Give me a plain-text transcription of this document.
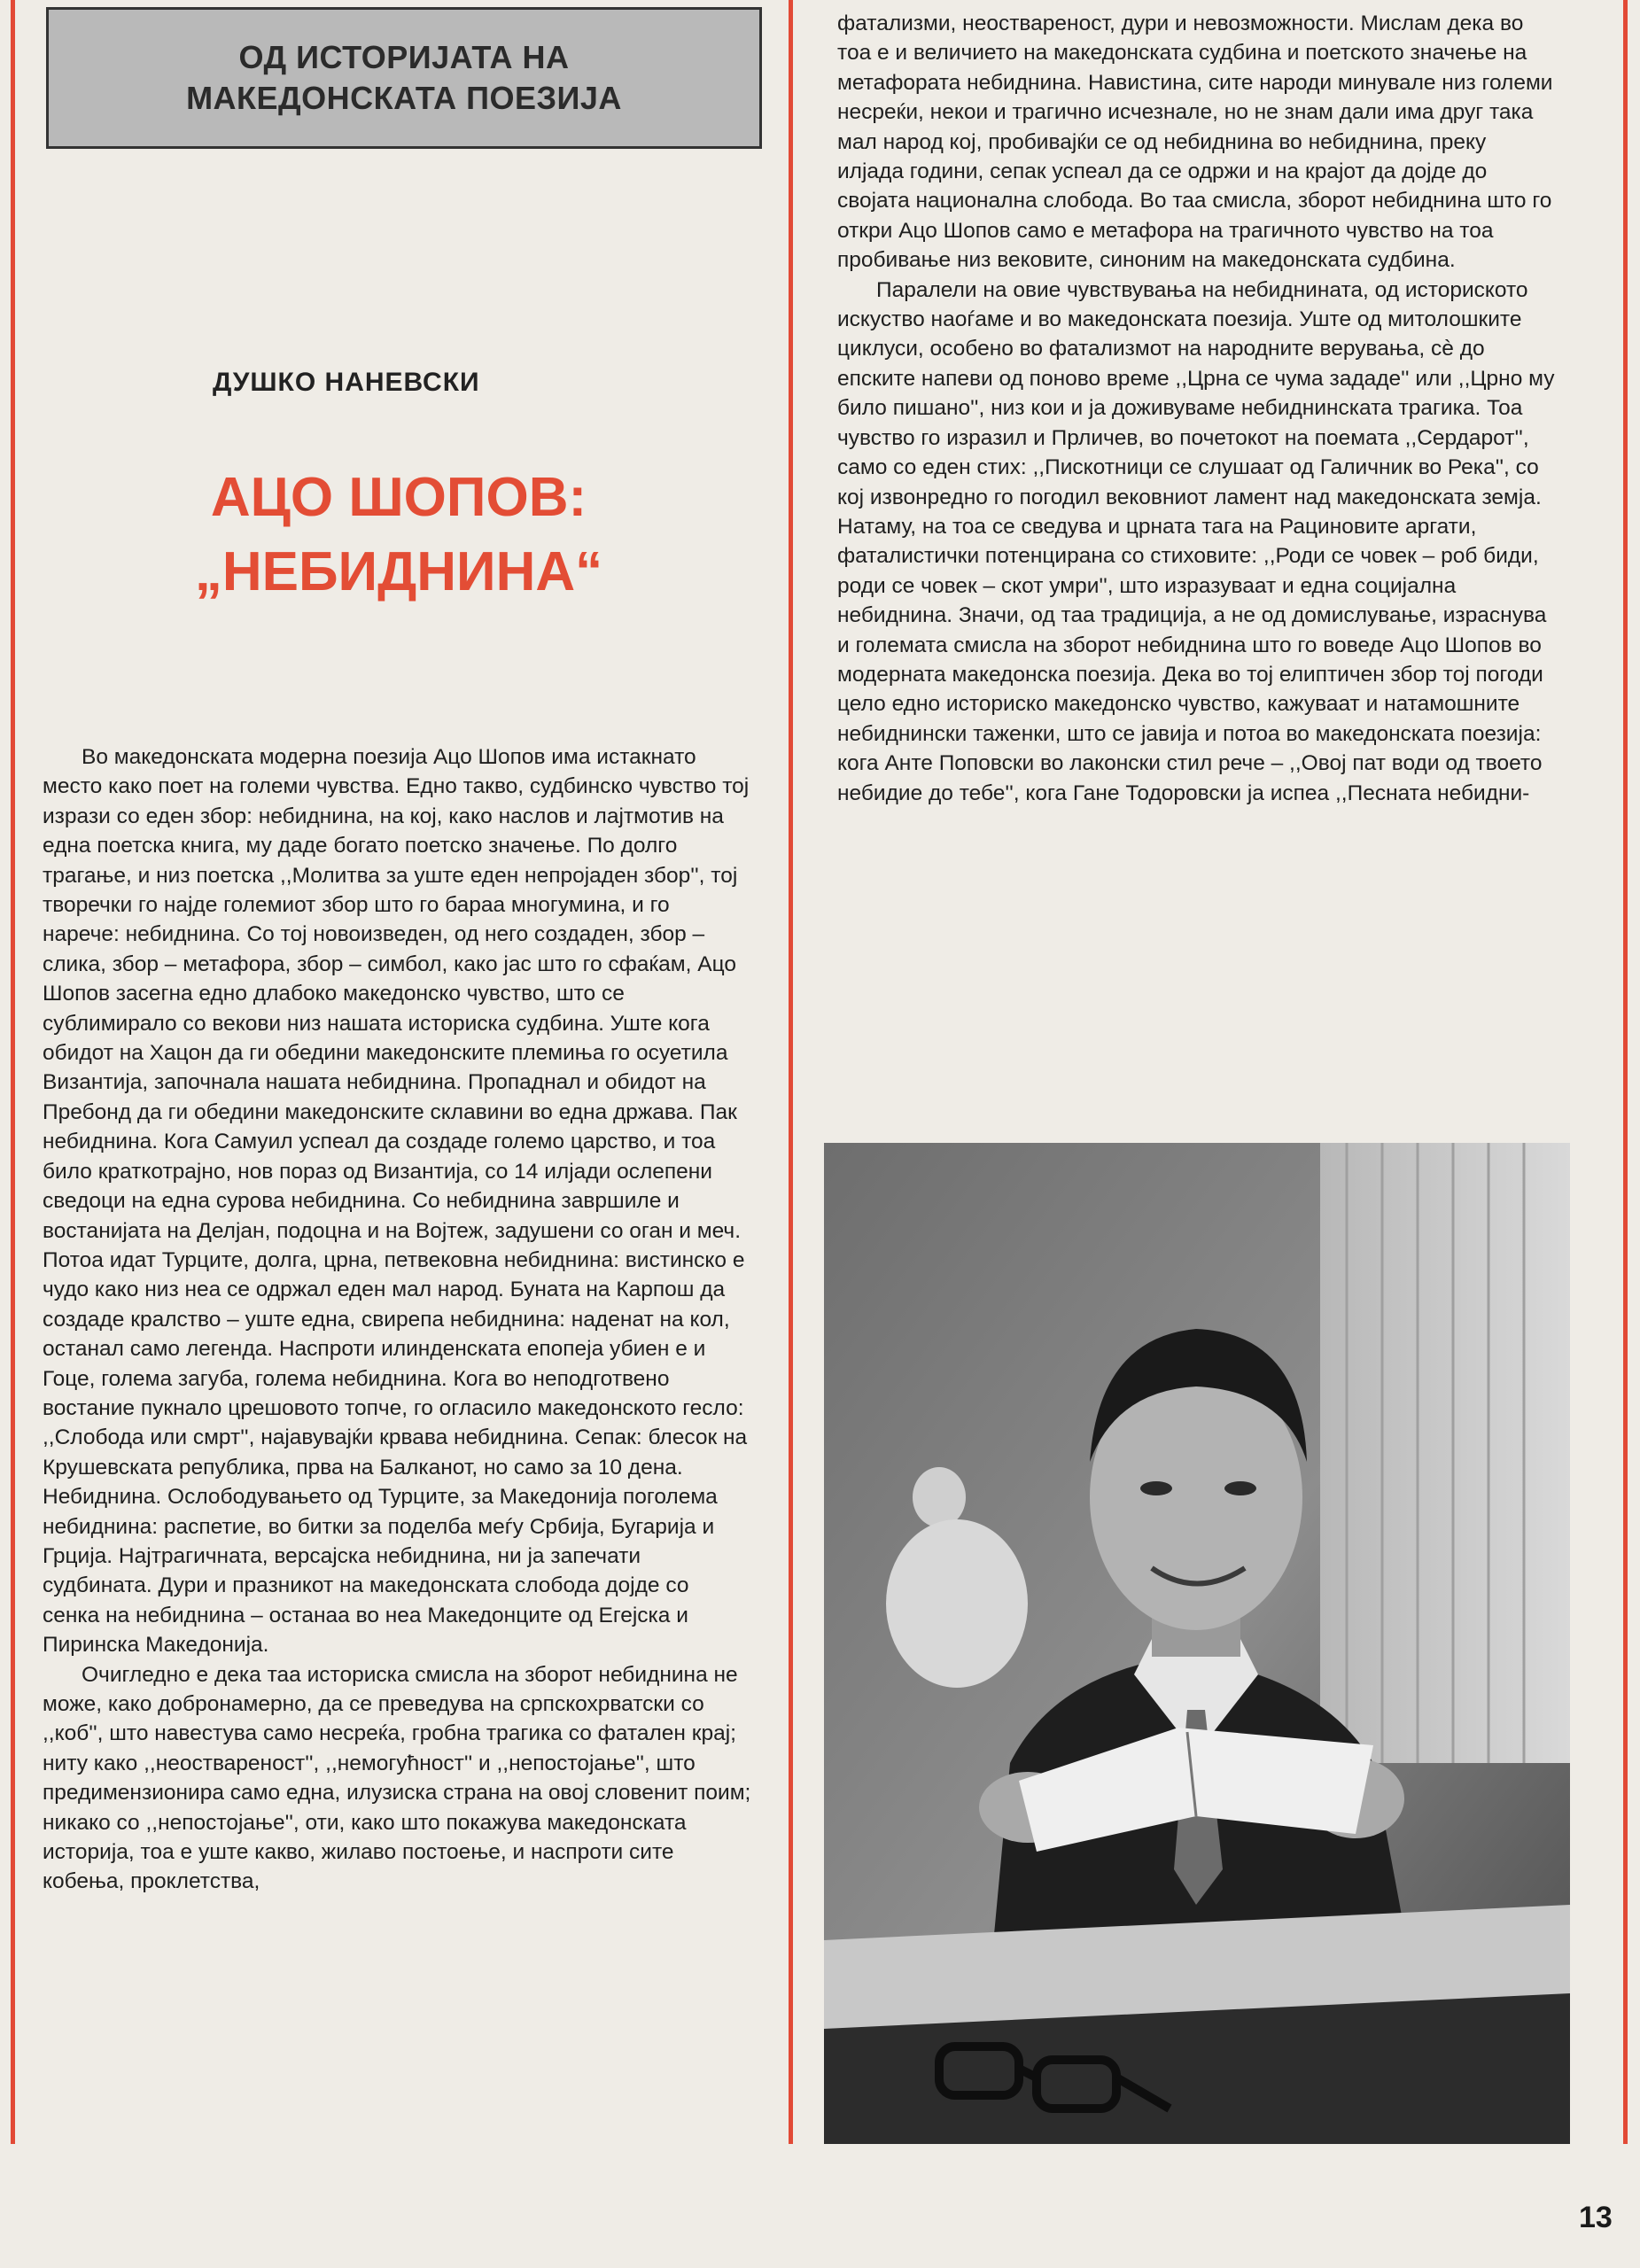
ОД ИСТОРИЈАТА НА
МАКЕДОНСКАТА ПОЕЗИЈА
ДУШКО НАНЕВСКИ
АЦО ШОПОВ:
„НЕБИДНИНА“

Во македонската модерна поезија Ацо Шопов има истакнато место како поет на големи чувства. Едно такво, судбинско чувство тој изрази со еден збор: небиднина, на кој, како наслов и лајтмотив на една поетска книга, му даде богато поетско значење. По долго трагање, и низ поетска ,,Молитва за уште еден непројаден збор'', тој творечки го најде големиот збор што го бараа многумина, и го нарече: небиднина. Со тој новоизведен, од него создаден, збор – слика, збор – метафора, збор – симбол, како јас што го сфаќам, Ацо Шопов засегна едно длабоко македонско чувство, што се сублимирало со векови низ нашата историска судбина. Уште кога обидот на Хацон да ги обедини македонските племиња го осуетила Византија, започнала нашата небиднина. Пропаднал и обидот на Пребонд да ги обедини македонските склавини во една држава. Пак небиднина. Кога Самуил успеал да создаде големо царство, и тоа било краткотрајно, нов пораз од Византија, со 14 илјади ослепени сведоци на една сурова небиднина. Со небиднина завршиле и востанијата на Делјан, подоцна и на Војтеж, задушени со оган и меч. Потоа идат Турците, долга, црна, петвековна небиднина: вистинско е чудо како низ неа се одржал еден мал народ. Буната на Карпош да создаде кралство – уште една, свирепа небиднина: наденат на кол, останал само легенда. Наспроти илинденската епопеја убиен е и Гоце, голема загуба, голема небиднина. Кога во неподготвено востание пукнало црешовото топче, го огласило македонското гесло: ,,Слобода или смрт'', најавувајќи крвава небиднина. Сепак: блесок на Крушевската република, прва на Балканот, но само за 10 дена. Небиднина. Ослободувањето од Турците, за Македонија поголема небиднина: распетие, во битки за поделба меѓу Србија, Бугарија и Грција. Најтрагичната, версајска небиднина, ни ја запечати судбината. Дури и празникот на македонската слобода дојде со сенка на небиднина – останаа во неа Македонците од Егејска и Пиринска Македонија.

Очигледно е дека таа историска смисла на зборот небиднина не може, како добронамерно, да се преведува на српскохрватски со ,,коб'', што навестува само несреќа, гробна трагика со фатален крај; ниту како ,,неоствареност'', ,,немогућност'' и ,,непостојање'', што предимензионира само една, илузиска страна на овој словенит поим; никако со ,,непостојање'', оти, како што покажува македонската историја, тоа е уште какво, жилаво постоење, и наспроти сите кобења, проклетства,

фатализми, неоствареност, дури и невозможности. Мислам дека во тоа е и величието на македонската судбина и поетското значење на метафората небиднина. Навистина, сите народи минувале низ големи несреќи, некои и трагично исчезнале, но не знам дали има друг така мал народ кој, пробивајќи се од небиднина во небиднина, преку илјада години, сепак успеал да се одржи и на крајот да дојде до својата национална слобода. Во таа смисла, зборот небиднина што го откри Ацо Шопов само е метафора на трагичното чувство на тоа пробивање низ вековите, синоним на македонската судбина.

Паралели на овие чувствувања на небиднината, од историското искуство наоѓаме и во македонската поезија. Уште од митолошките циклуси, особено во фатализмот на народните верувања, сè до епските напеви од поново време ,,Црна се чума зададе'' или ,,Црно му било пишано'', низ кои и ја доживуваме небиднинската трагика. Тоа чувство го изразил и Прличев, во почетокот на поемата ,,Сердарот'', само со еден стих: ,,Пискотници се слушаат од Галичник во Река'', со кој извонредно го погодил вековниот ламент над македонската земја. Натаму, на тоа се сведува и црната тага на Рациновите аргати, фаталистички потенцирана со стиховите: ,,Роди се човек – роб биди, роди се човек – скот умри'', што изразуваат и една социјална небиднина. Значи, од таа традиција, а не од домислување, израснува и големата смисла на зборот небиднина што го воведе Ацо Шопов во модерната македонска поезија. Дека во тој елиптичен збор тој погоди цело едно историско македонско чувство, кажуваат и натамошните небиднински таженки, што се јавија и потоа во македонската поезија: кога Анте Поповски во лаконски стил рече – ,,Овој пат води од твоето небидие до тебе'', кога Гане Тодоровски ја испеа ,,Песната небидни-

13
